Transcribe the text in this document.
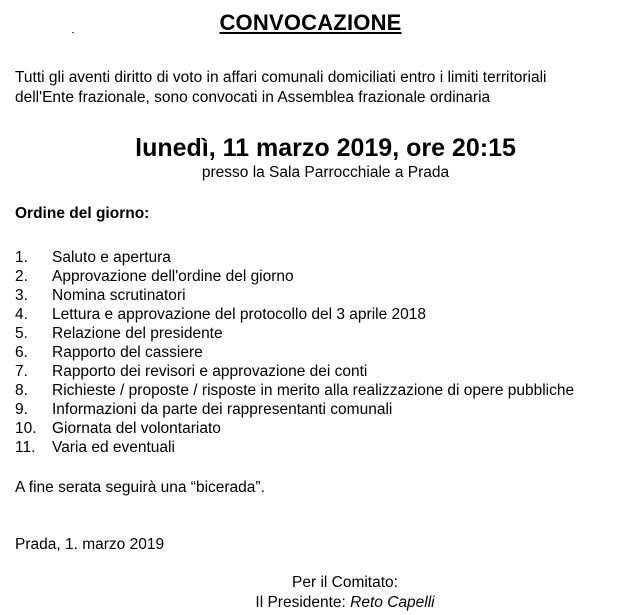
CONVOCAZIONE
Tutti gli aventi diritto di voto in affari comunali domiciliati entro i limiti territoriali
dell'Ente frazionale, sono convocati in Assemblea frazionale ordinaria
lunedì, 11 marzo 2019, ore 20:15
presso la Sala Parrocchiale a Prada
Ordine del giorno:
1.	Saluto e apertura
2.	Approvazione dell'ordine del giorno
3.	Nomina scrutinatori
4.	Lettura e approvazione del protocollo del 3 aprile 2018
5.	Relazione del presidente
6.	Rapporto del cassiere
7.	Rapporto dei revisori e approvazione dei conti
8.	Richieste / proposte / risposte in merito alla realizzazione di opere pubbliche
9.	Informazioni da parte dei rappresentanti comunali
10. Giornata del volontariato
11.	Varia ed eventuali
A fine serata seguirà una “bicerada”.
Prada, 1. marzo 2019
Per il Comitato:
Il Presidente: Reto Capelli
